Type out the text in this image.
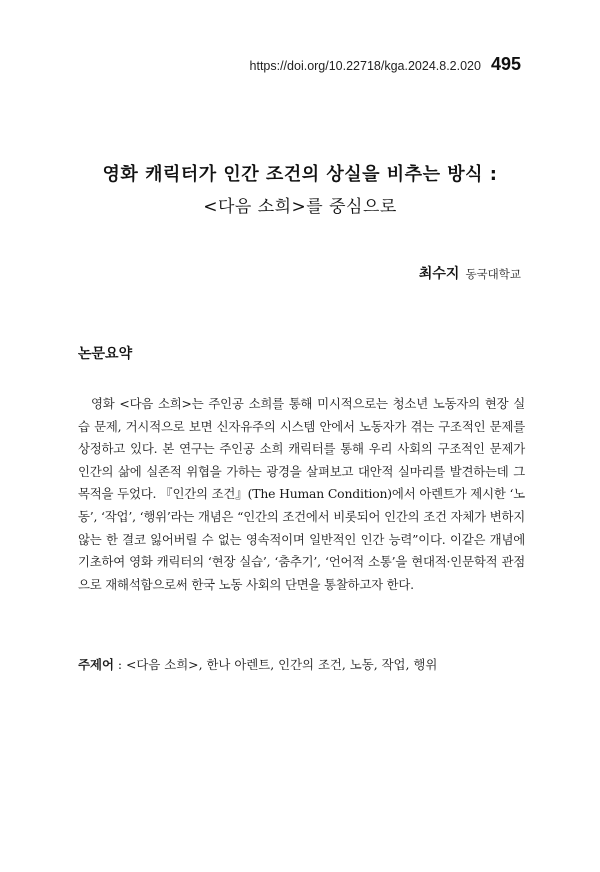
https://doi.org/10.22718/kga.2024.8.2.020 495
영화 캐릭터가 인간 조건의 상실을 비추는 방식 :
<다음 소희>를 중심으로
최수지 동국대학교
논문요약

영화 <다음 소희>는 주인공 소희를 통해 미시적으로는 청소년 노동자의 현장 실습 문제, 거시적으로 보면 신자유주의 시스템 안에서 노동자가 겪는 구조적인 문제를 상정하고 있다. 본 연구는 주인공 소희 캐릭터를 통해 우리 사회의 구조적인 문제가 인간의 삶에 실존적 위협을 가하는 광경을 살펴보고 대안적 실마리를 발견하는데 그 목적을 두었다. 『인간의 조건』(The Human Condition)에서 아렌트가 제시한 ‘노동’, ‘작업’, ‘행위’라는 개념은 “인간의 조건에서 비롯되어 인간의 조건 자체가 변하지 않는 한 결코 잃어버릴 수 없는 영속적이며 일반적인 인간 능력”이다. 이같은 개념에 기초하여 영화 캐릭터의 ‘현장 실습’, ‘춤추기’, ‘언어적 소통’을 현대적·인문학적 관점으로 재해석함으로써 한국 노동 사회의 단면을 통찰하고자 한다.

주제어 : <다음 소희>, 한나 아렌트, 인간의 조건, 노동, 작업, 행위
